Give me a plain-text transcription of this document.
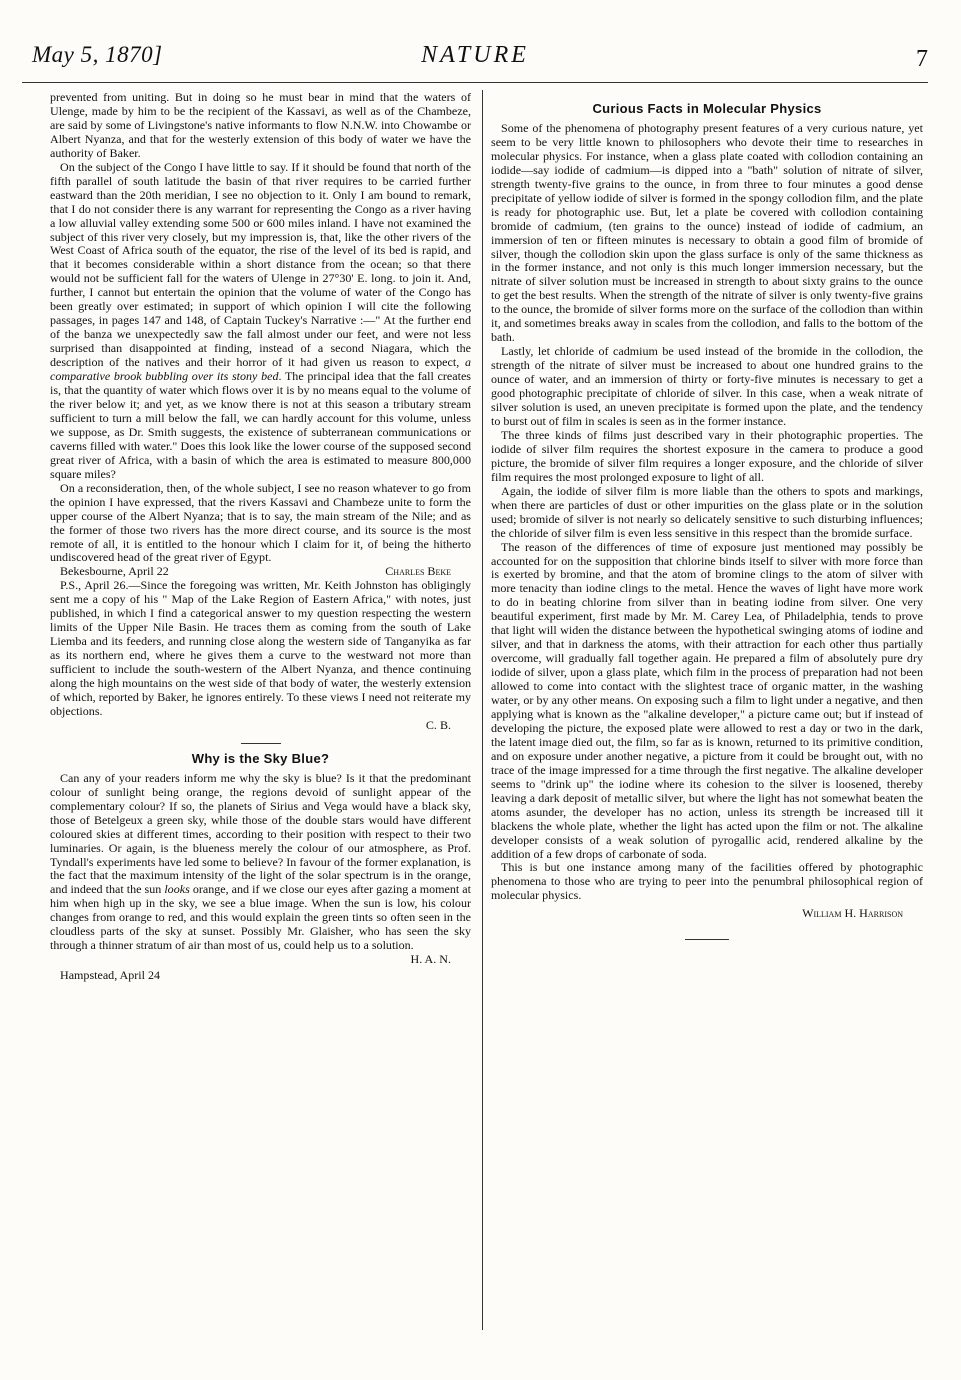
May 5, 1870]	NATURE	7

prevented from uniting. But in doing so he must bear in mind that the waters of Ulenge, made by him to be the recipient of the Kassavi, as well as of the Chambeze, are said by some of Livingstone's native informants to flow N.N.W. into Chowambe or Albert Nyanza, and that for the westerly extension of this body of water we have the authority of Baker.

On the subject of the Congo I have little to say. If it should be found that north of the fifth parallel of south latitude the basin of that river requires to be carried further eastward than the 20th meridian, I see no objection to it. Only I am bound to remark, that I do not consider there is any warrant for representing the Congo as a river having a low alluvial valley extending some 500 or 600 miles inland. I have not examined the subject of this river very closely, but my impression is, that, like the other rivers of the West Coast of Africa south of the equator, the rise of the level of its bed is rapid, and that it becomes considerable within a short distance from the ocean; so that there would not be sufficient fall for the waters of Ulenge in 27°30' E. long. to join it. And, further, I cannot but entertain the opinion that the volume of water of the Congo has been greatly over estimated; in support of which opinion I will cite the following passages, in pages 147 and 148, of Captain Tuckey's Narrative :—" At the further end of the banza we unexpectedly saw the fall almost under our feet, and were not less surprised than disappointed at finding, instead of a second Niagara, which the description of the natives and their horror of it had given us reason to expect, a comparative brook bubbling over its stony bed. The principal idea that the fall creates is, that the quantity of water which flows over it is by no means equal to the volume of the river below it; and yet, as we know there is not at this season a tributary stream sufficient to turn a mill below the fall, we can hardly account for this volume, unless we suppose, as Dr. Smith suggests, the existence of subterranean communications or caverns filled with water." Does this look like the lower course of the supposed second great river of Africa, with a basin of which the area is estimated to measure 800,000 square miles?

On a reconsideration, then, of the whole subject, I see no reason whatever to go from the opinion I have expressed, that the rivers Kassavi and Chambeze unite to form the upper course of the Albert Nyanza; that is to say, the main stream of the Nile; and as the former of those two rivers has the more direct course, and its source is the most remote of all, it is entitled to the honour which I claim for it, of being the hitherto undiscovered head of the great river of Egypt.

Bekesbourne, April 22	Charles Beke

P.S., April 26.—Since the foregoing was written, Mr. Keith Johnston has obligingly sent me a copy of his " Map of the Lake Region of Eastern Africa," with notes, just published, in which I find a categorical answer to my question respecting the western limits of the Upper Nile Basin. He traces them as coming from the south of Lake Liemba and its feeders, and running close along the western side of Tanganyika as far as its northern end, where he gives them a curve to the westward not more than sufficient to include the south-western of the Albert Nyanza, and thence continuing along the high mountains on the west side of that body of water, the westerly extension of which, reported by Baker, he ignores entirely. To these views I need not reiterate my objections.

C. B.
Why is the Sky Blue?

Can any of your readers inform me why the sky is blue? Is it that the predominant colour of sunlight being orange, the regions devoid of sunlight appear of the complementary colour? If so, the planets of Sirius and Vega would have a black sky, those of Betelgeux a green sky, while those of the double stars would have different coloured skies at different times, according to their position with respect to their two luminaries. Or again, is the blueness merely the colour of our atmosphere, as Prof. Tyndall's experiments have led some to believe? In favour of the former explanation, is the fact that the maximum intensity of the light of the solar spectrum is in the orange, and indeed that the sun looks orange, and if we close our eyes after gazing a moment at him when high up in the sky, we see a blue image. When the sun is low, his colour changes from orange to red, and this would explain the green tints so often seen in the cloudless parts of the sky at sunset. Possibly Mr. Glaisher, who has seen the sky through a thinner stratum of air than most of us, could help us to a solution.

H. A. N.
Hampstead, April 24
Curious Facts in Molecular Physics

Some of the phenomena of photography present features of a very curious nature, yet seem to be very little known to philosophers who devote their time to researches in molecular physics. For instance, when a glass plate coated with collodion containing an iodide—say iodide of cadmium—is dipped into a "bath" solution of nitrate of silver, strength twenty-five grains to the ounce, in from three to four minutes a good dense precipitate of yellow iodide of silver is formed in the spongy collodion film, and the plate is ready for photographic use. But, let a plate be covered with collodion containing bromide of cadmium, (ten grains to the ounce) instead of iodide of cadmium, an immersion of ten or fifteen minutes is necessary to obtain a good film of bromide of silver, though the collodion skin upon the glass surface is only of the same thickness as in the former instance, and not only is this much longer immersion necessary, but the nitrate of silver solution must be increased in strength to about sixty grains to the ounce to get the best results. When the strength of the nitrate of silver is only twenty-five grains to the ounce, the bromide of silver forms more on the surface of the collodion than within it, and sometimes breaks away in scales from the collodion, and falls to the bottom of the bath.

Lastly, let chloride of cadmium be used instead of the bromide in the collodion, the strength of the nitrate of silver must be increased to about one hundred grains to the ounce of water, and an immersion of thirty or forty-five minutes is necessary to get a good photographic precipitate of chloride of silver. In this case, when a weak nitrate of silver solution is used, an uneven precipitate is formed upon the plate, and the tendency to burst out of film in scales is seen as in the former instance.

The three kinds of films just described vary in their photographic properties. The iodide of silver film requires the shortest exposure in the camera to produce a good picture, the bromide of silver film requires a longer exposure, and the chloride of silver film requires the most prolonged exposure to light of all.

Again, the iodide of silver film is more liable than the others to spots and markings, when there are particles of dust or other impurities on the glass plate or in the solution used; bromide of silver is not nearly so delicately sensitive to such disturbing influences; the chloride of silver film is even less sensitive in this respect than the bromide surface.

The reason of the differences of time of exposure just mentioned may possibly be accounted for on the supposition that chlorine binds itself to silver with more force than is exerted by bromine, and that the atom of bromine clings to the atom of silver with more tenacity than iodine clings to the metal. Hence the waves of light have more work to do in beating chlorine from silver than in beating iodine from silver. One very beautiful experiment, first made by Mr. M. Carey Lea, of Philadelphia, tends to prove that light will widen the distance between the hypothetical swinging atoms of iodine and silver, and that in darkness the atoms, with their attraction for each other thus partially overcome, will gradually fall together again. He prepared a film of absolutely pure dry iodide of silver, upon a glass plate, which film in the process of preparation had not been allowed to come into contact with the slightest trace of organic matter, in the washing water, or by any other means. On exposing such a film to light under a negative, and then applying what is known as the "alkaline developer," a picture came out; but if instead of developing the picture, the exposed plate were allowed to rest a day or two in the dark, the latent image died out, the film, so far as is known, returned to its primitive condition, and on exposure under another negative, a picture from it could be brought out, with no trace of the image impressed for a time through the first negative. The alkaline developer seems to "drink up" the iodine where its cohesion to the silver is loosened, thereby leaving a dark deposit of metallic silver, but where the light has not somewhat beaten the atoms asunder, the developer has no action, unless its strength be increased till it blackens the whole plate, whether the light has acted upon the film or not. The alkaline developer consists of a weak solution of pyrogallic acid, rendered alkaline by the addition of a few drops of carbonate of soda.

This is but one instance among many of the facilities offered by photographic phenomena to those who are trying to peer into the penumbral philosophical region of molecular physics.

William H. Harrison
